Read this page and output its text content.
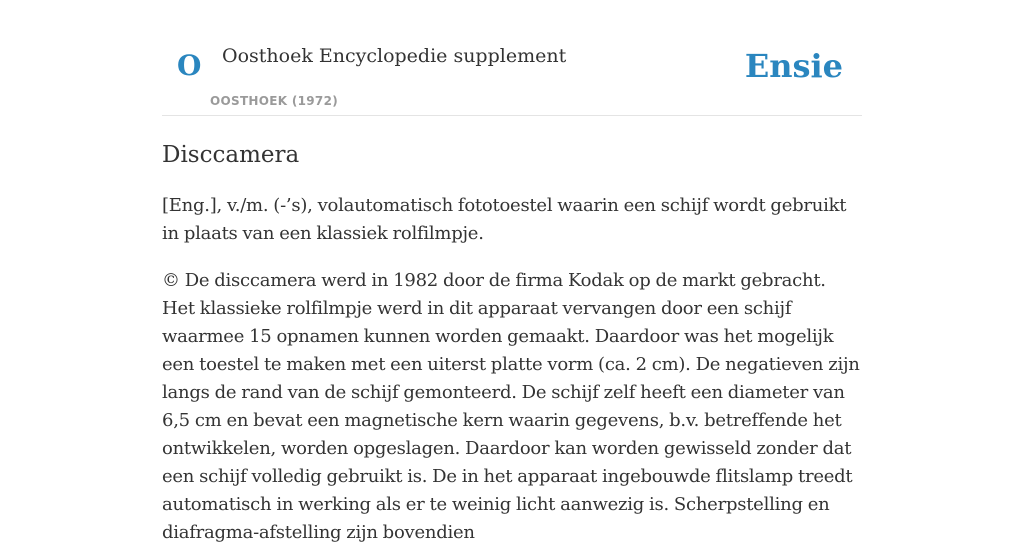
O Oosthoek Encyclopedie supplement
OOSTHOEK (1972)
Ensie
Disccamera

[Eng.], v./m. (-’s), volautomatisch fototoestel waarin een schijf wordt gebruikt in plaats van een klassiek rolfilmpje.

© De disccamera werd in 1982 door de firma Kodak op de markt gebracht. Het klassieke rolfilmpje werd in dit apparaat vervangen door een schijf waarmee 15 opnamen kunnen worden gemaakt. Daardoor was het mogelijk een toestel te maken met een uiterst platte vorm (ca. 2 cm). De negatieven zijn langs de rand van de schijf gemonteerd. De schijf zelf heeft een diameter van 6,5 cm en bevat een magnetische kern waarin gegevens, b.v. betreffende het ontwikkelen, worden opgeslagen. Daardoor kan worden gewisseld zonder dat een schijf volledig gebruikt is. De in het apparaat ingebouwde flitslamp treedt automatisch in werking als er te weinig licht aanwezig is. Scherpstelling en diafragma-afstelling zijn bovendien
